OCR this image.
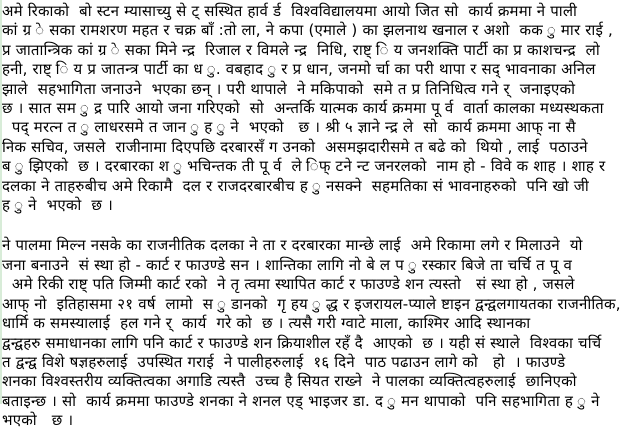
अमे रिकाको  बो स्टन म्यासाच्यु से ट् सस्थित हार्व र्ड  विश्वविद्यालयमा आयो जित सो  कार्य क्रममा ने पाली
कां ग्र े सका रामशरण महत र चक्र बाँ :तो ला, ने कपा (एमाले ) का झलनाथ खनाल र अशो  कक ु मार राई ,
प्र जातान्त्रिक कां ग्र े सका मिने न्द्र  रिजाल र विमले न्द्र  निधि, राष्ट् ि य जनशक्ति पार्टी का प्र काशचन्द्र  लो
हनी, राष्ट् ि य प्र जातन्त्र पार्टी का ध ु. वबहाद ु र प्र धान, जनमो र्चा का परी थापा र सद् भावनाका अनिल
झाले  सहभागिता जनाउने  भएका छन् । परी थापाले  ने मकिपाको  समे त प्र तिनिधित्व गने र्  जनाइएको
छ । सात सम ु द्र पारि आयो जना गरिएको  सो  अन्तर्कि यात्मक कार्य क्रममा पू र्व  वार्ता कालका मध्यस्थकता
पद् मरत्न त ु लाधरसमे त जान ु ह ु ने  भएको   छ । श्री ५ ज्ञाने न्द्र ले  सो  कार्य क्रममा आफ् ना सै
निक सचिव, जसले  राजीनामा दिएपछि दरबारसँ ग उनको  असमझदारीसमे त बढे को  थियो , लाई  पठाउने
ब ु झिएको  छ । दरबारका श ु भचिन्तक ती पू र्व  ले िफ् टने न्ट जनरलको  नाम हो - विवे क शाह । शाह र
दलका ने ताहरुबीच अमे रिकामै  दल र राजदरबारबीच ह ु नसक्ने  सहमतिका सं भावनाहरुको  पनि खो जी
ह ु ने  भएको  छ ।
ने पालमा मिल्न नसके का राजनीतिक दलका ने ता र दरबारका मान्छे लाई  अमे रिकामा लगे र मिलाउने  यो
जना बनाउने  सं स्था हो - कार्ट र फाउण्डे सन । शान्तिका लागि नो बे ल प ु रस्कार बिजे ता चर्चि त पू व
अमे रिकी राष्ट् पति जिम्मी कार्ट रको  ने तृ त्वमा स्थापित कार्ट र फाउण्डे शन त्यस्तो   सं स्था हो , जसले
आफ् नो  इतिहासमा २१ वर्ष  लामो  स ु डानको  गृ हय ु द्ध र इजरायल-प्याले ष्टाइन द्वन्द्वलगायतका राजनीतिक,
धार्मि क समस्यालाई  हल गने र्  कार्य  गरे को  छ । त्यसै गरी ग्वाटे माला, काश्मिर आदि स्थानका
द्वन्द्वहरु समाधानका लागि पनि कार्ट र फाउण्डे शन क्रियाशील रहँ दै  आएको  छ । यही सं स्थाले  विश्वका चर्चि
त द्वन्द्व विशे षज्ञहरुलाई  उपस्थित गराई  ने पालीहरुलाई  १६ दिने  पाठ पढाउन लागे को   हो  । फाउण्डे
शनका विश्वस्तरीय व्यक्तित्वका अगाडि त्यस्तै  उच्च है सियत राख्ने  ने पालका व्यक्तित्वहरुलाई  छानिएको
बताइन्छ । सो  कार्य क्रममा फाउण्डे शनका ने शनल एड् भाइजर डा. द ु मन थापाको  पनि सहभागिता ह ु ने
भएको   छ ।
